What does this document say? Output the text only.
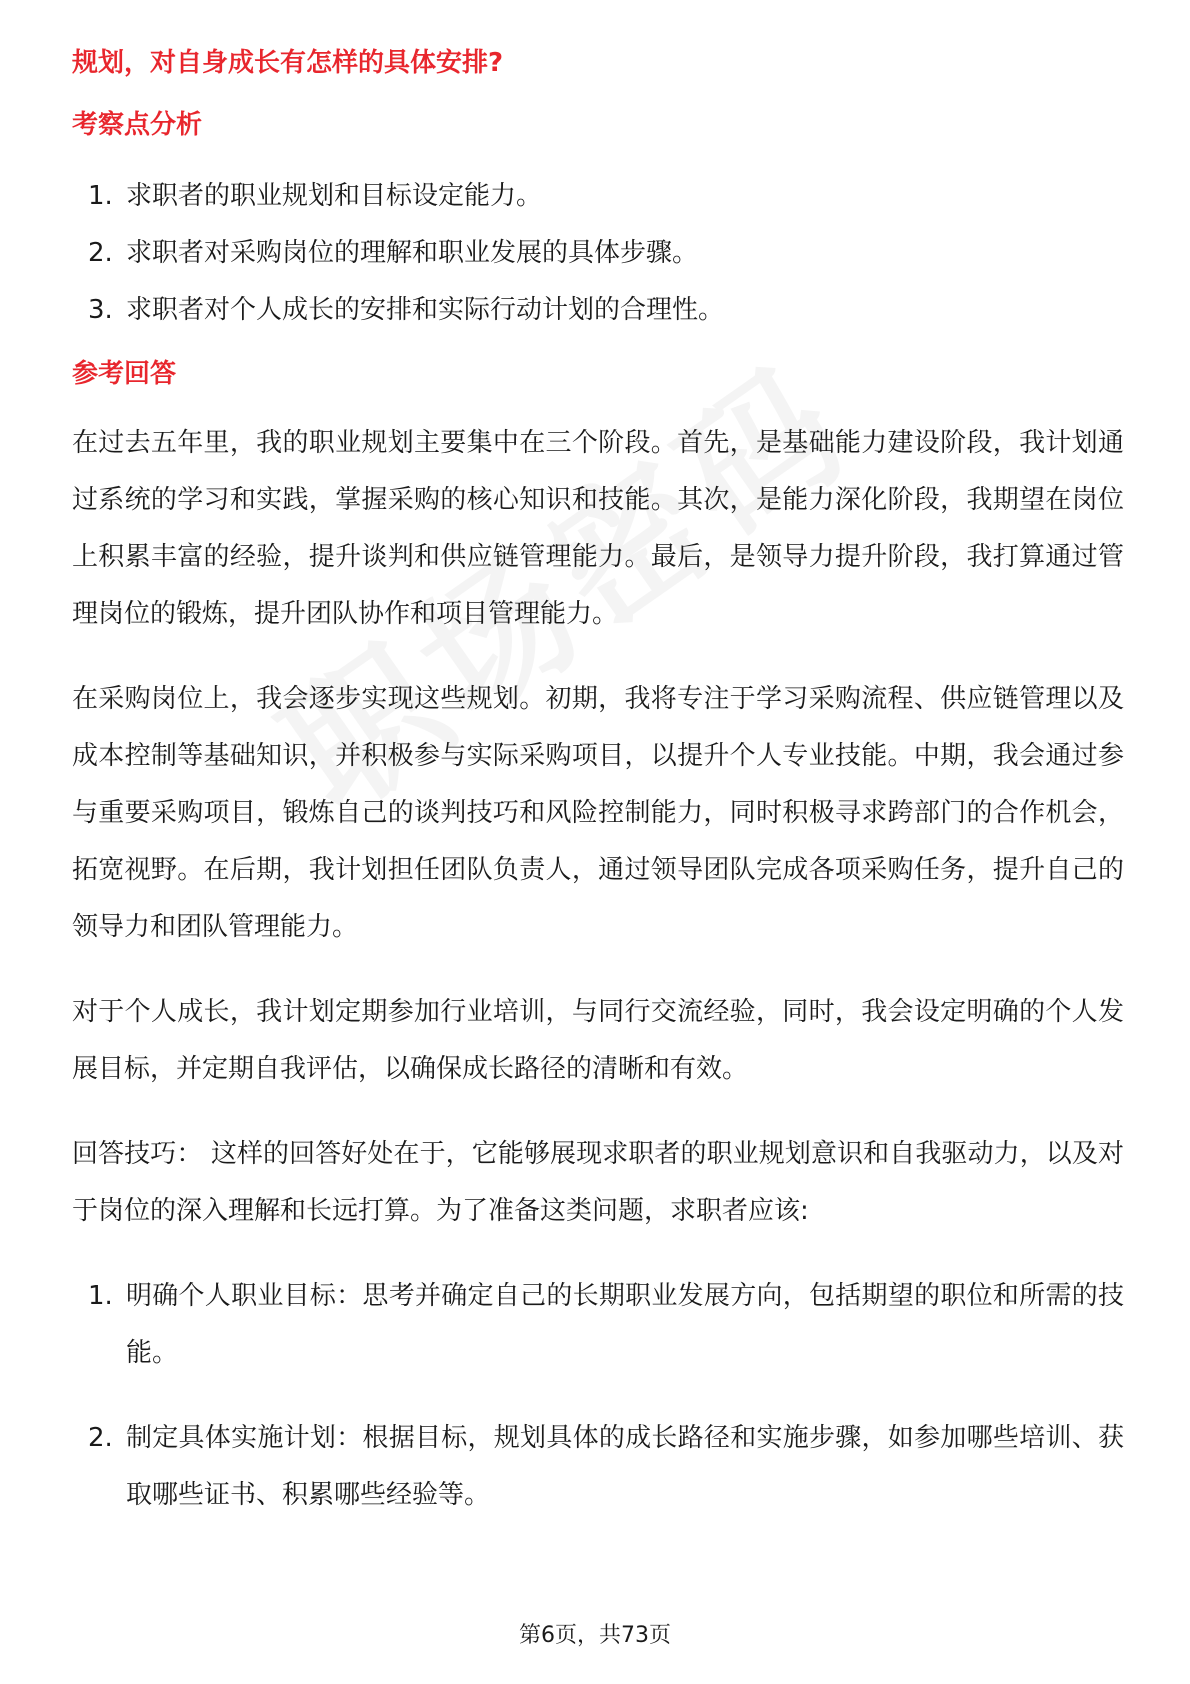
规划，对自身成长有怎样的具体安排?
考察点分析
1. 求职者的职业规划和目标设定能力。
2. 求职者对采购岗位的理解和职业发展的具体步骤。
3. 求职者对个人成长的安排和实际行动计划的合理性。
参考回答

在过去五年里，我的职业规划主要集中在三个阶段。首先，是基础能力建设阶段，我计划通过系统的学习和实践，掌握采购的核心知识和技能。其次，是能力深化阶段，我期望在岗位上积累丰富的经验，提升谈判和供应链管理能力。最后，是领导力提升阶段，我打算通过管理岗位的锻炼，提升团队协作和项目管理能力。

在采购岗位上，我会逐步实现这些规划。初期，我将专注于学习采购流程、供应链管理以及成本控制等基础知识，并积极参与实际采购项目，以提升个人专业技能。中期，我会通过参与重要采购项目，锻炼自己的谈判技巧和风险控制能力，同时积极寻求跨部门的合作机会，拓宽视野。在后期，我计划担任团队负责人，通过领导团队完成各项采购任务，提升自己的领导力和团队管理能力。

对于个人成长，我计划定期参加行业培训，与同行交流经验，同时，我会设定明确的个人发展目标，并定期自我评估，以确保成长路径的清晰和有效。

回答技巧： 这样的回答好处在于，它能够展现求职者的职业规划意识和自我驱动力，以及对于岗位的深入理解和长远打算。为了准备这类问题，求职者应该:

1. 明确个人职业目标：思考并确定自己的长期职业发展方向，包括期望的职位和所需的技能。
2. 制定具体实施计划：根据目标，规划具体的成长路径和实施步骤，如参加哪些培训、获取哪些证书、积累哪些经验等。
第6页，共73页
